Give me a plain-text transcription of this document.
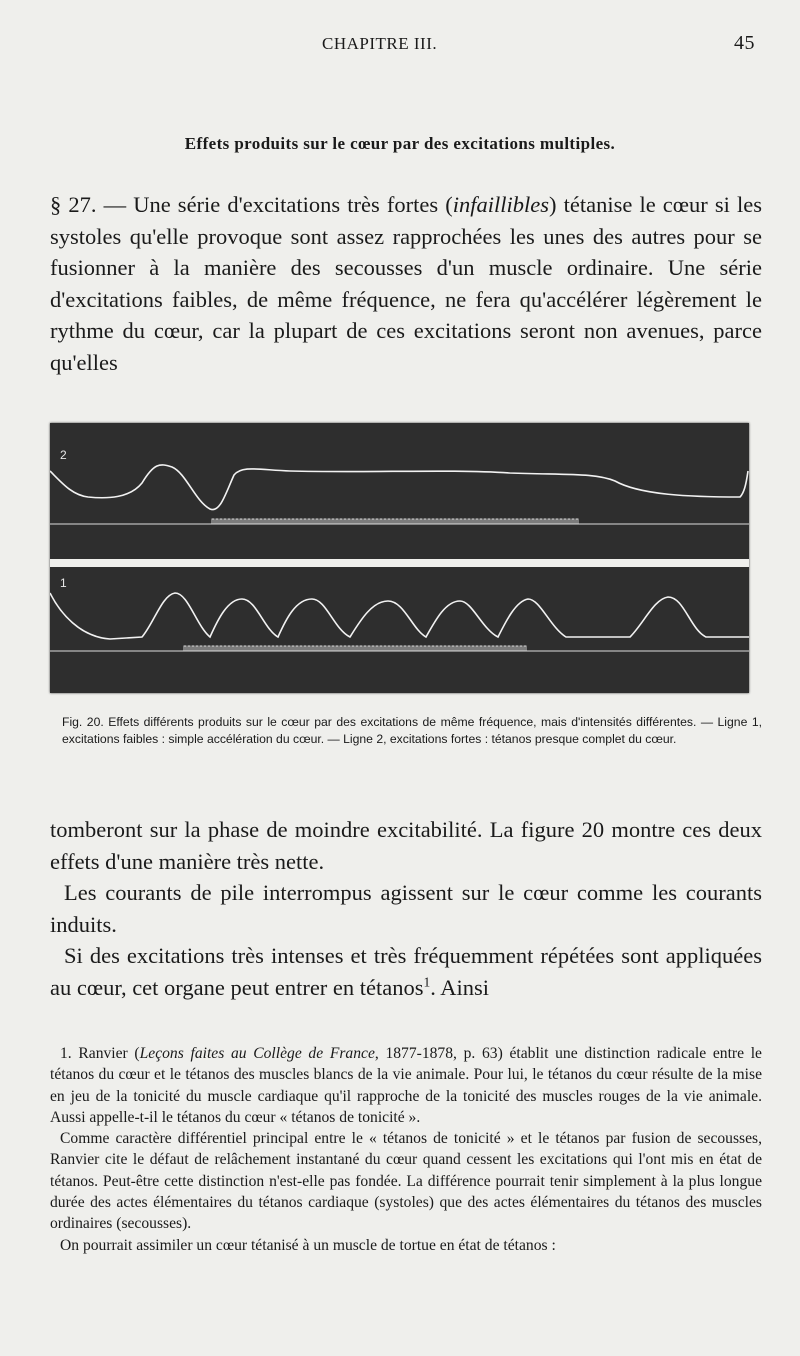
CHAPITRE III.	45
Effets produits sur le cœur par des excitations multiples.

§ 27. — Une série d'excitations très fortes (infaillibles) tétanise le cœur si les systoles qu'elle provoque sont assez rapprochées les unes des autres pour se fusionner à la manière des secousses d'un muscle ordinaire. Une série d'excitations faibles, de même fréquence, ne fera qu'accélérer légèrement le rythme du cœur, car la plupart de ces excitations seront non avenues, parce qu'elles

2
1
Fig. 20. Effets différents produits sur le cœur par des excitations de même fréquence, mais d'intensités différentes. — Ligne 1, excitations faibles : simple accélération du cœur. — Ligne 2, excitations fortes : tétanos presque complet du cœur.

tomberont sur la phase de moindre excitabilité. La figure 20 montre ces deux effets d'une manière très nette.

Les courants de pile interrompus agissent sur le cœur comme les courants induits.

Si des excitations très intenses et très fréquemment répétées sont appliquées au cœur, cet organe peut entrer en tétanos$^1$. Ainsi

1. Ranvier (Leçons faites au Collège de France, 1877-1878, p. 63) établit une distinction radicale entre le tétanos du cœur et le tétanos des muscles blancs de la vie animale. Pour lui, le tétanos du cœur résulte de la mise en jeu de la tonicité du muscle cardiaque qu'il rapproche de la tonicité des muscles rouges de la vie animale. Aussi appelle-t-il le tétanos du cœur « tétanos de tonicité ».

Comme caractère différentiel principal entre le « tétanos de tonicité » et le tétanos par fusion de secousses, Ranvier cite le défaut de relâchement instantané du cœur quand cessent les excitations qui l'ont mis en état de tétanos. Peut-être cette distinction n'est-elle pas fondée. La différence pourrait tenir simplement à la plus longue durée des actes élémentaires du tétanos cardiaque (systoles) que des actes élémentaires du tétanos des muscles ordinaires (secousses).

On pourrait assimiler un cœur tétanisé à un muscle de tortue en état de tétanos :
